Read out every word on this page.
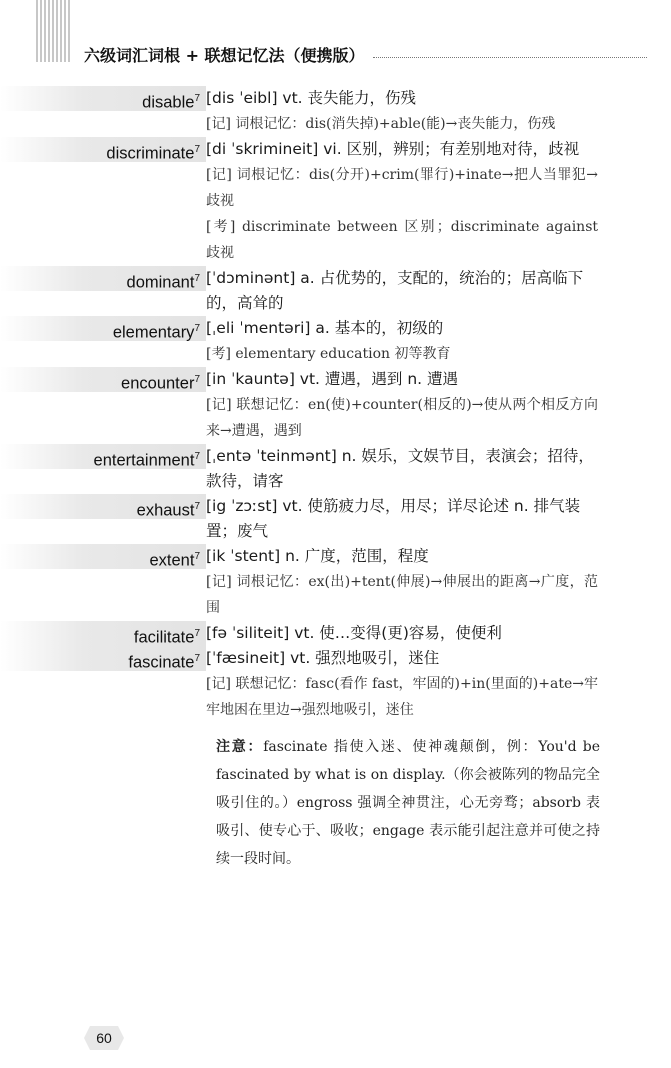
六级词汇词根 + 联想记忆法（便携版）
disable$^7$ [dis ˈeibl] vt. 丧失能力，伤残

[记] 词根记忆：dis(消失掉)+able(能)→丧失能力，伤残

discriminate$^7$ [di ˈskrimineit] vi. 区别，辨别；有差别地对待，歧视

[记] 词根记忆：dis(分开)+crim(罪行)+inate→把人当罪犯→歧视

[考] discriminate between 区别；discriminate against 歧视

dominant$^7$ [ˈdɔminənt] a. 占优势的，支配的，统治的；居高临下的，高耸的

elementary$^7$ [ˌeli ˈmentəri] a. 基本的，初级的

[考] elementary education 初等教育

encounter$^7$ [in ˈkauntə] vt. 遭遇，遇到 n. 遭遇

[记] 联想记忆：en(使)+counter(相反的)→使从两个相反方向来→遭遇，遇到

entertainment$^7$ [ˌentə ˈteinmənt] n. 娱乐，文娱节目，表演会；招待，款待，请客

exhaust$^7$ [ig ˈzɔːst] vt. 使筋疲力尽，用尽；详尽论述 n. 排气装置；废气

extent$^7$ [ik ˈstent] n. 广度，范围，程度

[记] 词根记忆：ex(出)+tent(伸展)→伸展出的距离→广度，范围

facilitate$^7$ [fə ˈsiliteit] vt. 使…变得(更)容易，使便利

fascinate$^7$ [ˈfæsineit] vt. 强烈地吸引，迷住

[记] 联想记忆：fasc(看作 fast，牢固的)+in(里面的)+ate→牢牢地困在里边→强烈地吸引，迷住

注意：fascinate 指使入迷、使神魂颠倒，例：You'd be fascinated by what is on display.（你会被陈列的物品完全吸引住的。）engross 强调全神贯注，心无旁骛；absorb 表吸引、使专心于、吸收；engage 表示能引起注意并可使之持续一段时间。
60
